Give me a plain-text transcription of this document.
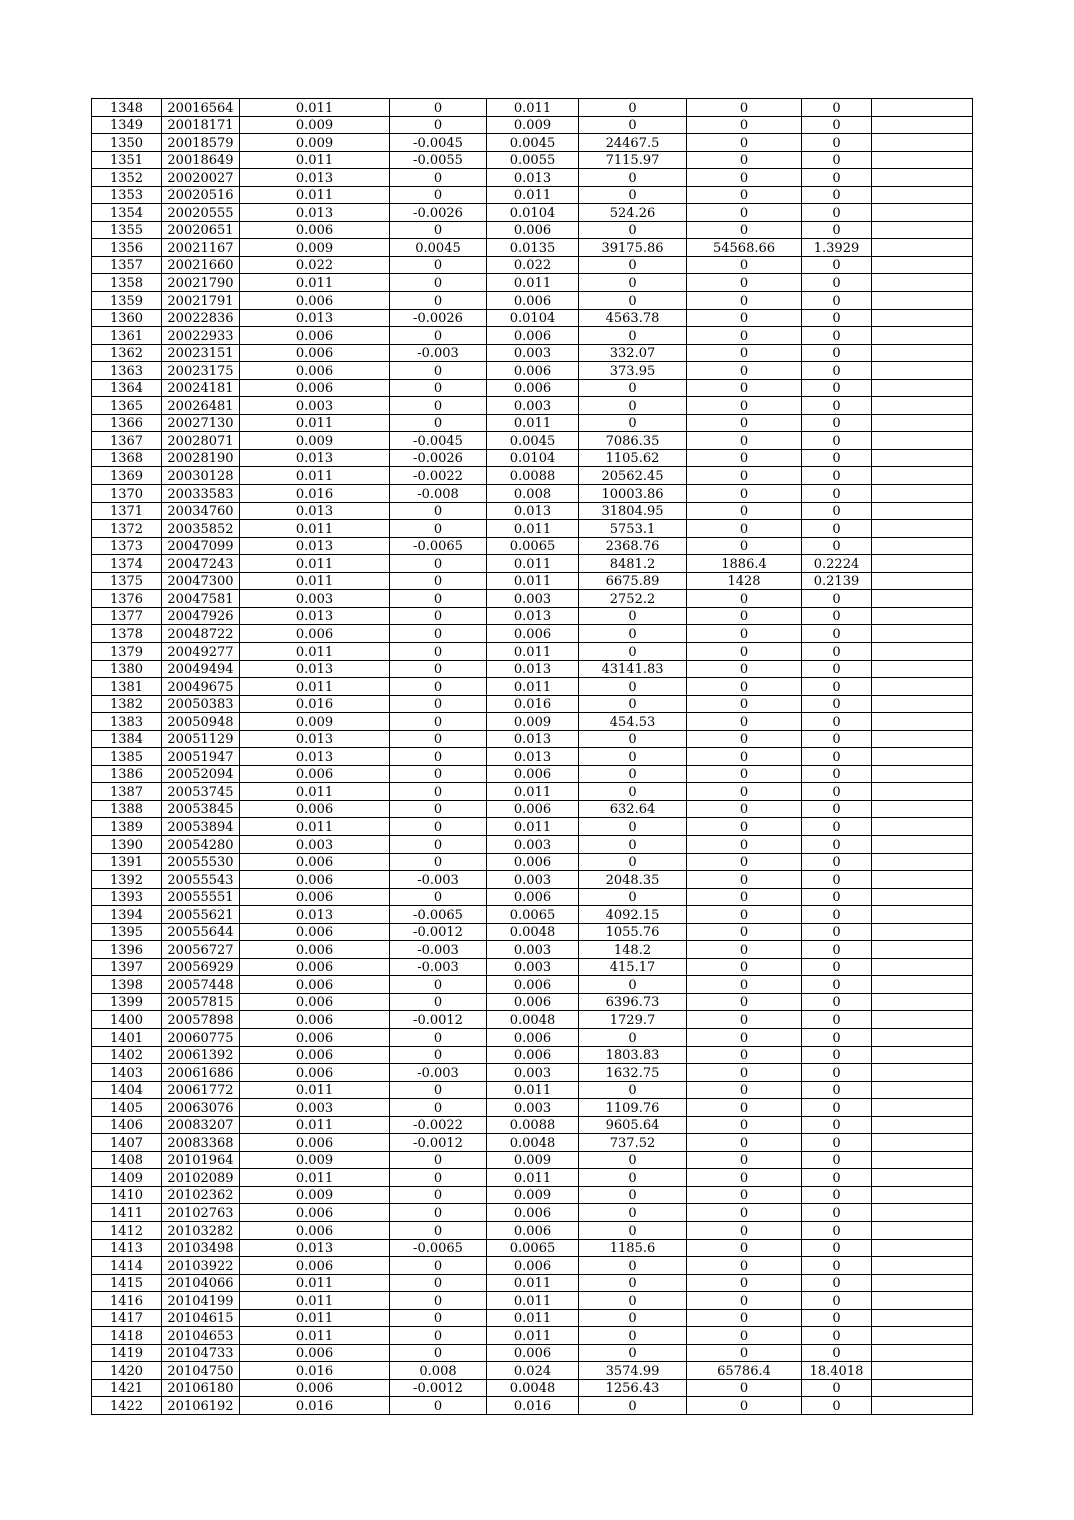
1348	20016564	0.011	0	0.011	0	0	0	
1349	20018171	0.009	0	0.009	0	0	0	
1350	20018579	0.009	-0.0045	0.0045	24467.5	0	0	
1351	20018649	0.011	-0.0055	0.0055	7115.97	0	0	
1352	20020027	0.013	0	0.013	0	0	0	
1353	20020516	0.011	0	0.011	0	0	0	
1354	20020555	0.013	-0.0026	0.0104	524.26	0	0	
1355	20020651	0.006	0	0.006	0	0	0	
1356	20021167	0.009	0.0045	0.0135	39175.86	54568.66	1.3929	
1357	20021660	0.022	0	0.022	0	0	0	
1358	20021790	0.011	0	0.011	0	0	0	
1359	20021791	0.006	0	0.006	0	0	0	
1360	20022836	0.013	-0.0026	0.0104	4563.78	0	0	
1361	20022933	0.006	0	0.006	0	0	0	
1362	20023151	0.006	-0.003	0.003	332.07	0	0	
1363	20023175	0.006	0	0.006	373.95	0	0	
1364	20024181	0.006	0	0.006	0	0	0	
1365	20026481	0.003	0	0.003	0	0	0	
1366	20027130	0.011	0	0.011	0	0	0	
1367	20028071	0.009	-0.0045	0.0045	7086.35	0	0	
1368	20028190	0.013	-0.0026	0.0104	1105.62	0	0	
1369	20030128	0.011	-0.0022	0.0088	20562.45	0	0	
1370	20033583	0.016	-0.008	0.008	10003.86	0	0	
1371	20034760	0.013	0	0.013	31804.95	0	0	
1372	20035852	0.011	0	0.011	5753.1	0	0	
1373	20047099	0.013	-0.0065	0.0065	2368.76	0	0	
1374	20047243	0.011	0	0.011	8481.2	1886.4	0.2224	
1375	20047300	0.011	0	0.011	6675.89	1428	0.2139	
1376	20047581	0.003	0	0.003	2752.2	0	0	
1377	20047926	0.013	0	0.013	0	0	0	
1378	20048722	0.006	0	0.006	0	0	0	
1379	20049277	0.011	0	0.011	0	0	0	
1380	20049494	0.013	0	0.013	43141.83	0	0	
1381	20049675	0.011	0	0.011	0	0	0	
1382	20050383	0.016	0	0.016	0	0	0	
1383	20050948	0.009	0	0.009	454.53	0	0	
1384	20051129	0.013	0	0.013	0	0	0	
1385	20051947	0.013	0	0.013	0	0	0	
1386	20052094	0.006	0	0.006	0	0	0	
1387	20053745	0.011	0	0.011	0	0	0	
1388	20053845	0.006	0	0.006	632.64	0	0	
1389	20053894	0.011	0	0.011	0	0	0	
1390	20054280	0.003	0	0.003	0	0	0	
1391	20055530	0.006	0	0.006	0	0	0	
1392	20055543	0.006	-0.003	0.003	2048.35	0	0	
1393	20055551	0.006	0	0.006	0	0	0	
1394	20055621	0.013	-0.0065	0.0065	4092.15	0	0	
1395	20055644	0.006	-0.0012	0.0048	1055.76	0	0	
1396	20056727	0.006	-0.003	0.003	148.2	0	0	
1397	20056929	0.006	-0.003	0.003	415.17	0	0	
1398	20057448	0.006	0	0.006	0	0	0	
1399	20057815	0.006	0	0.006	6396.73	0	0	
1400	20057898	0.006	-0.0012	0.0048	1729.7	0	0	
1401	20060775	0.006	0	0.006	0	0	0	
1402	20061392	0.006	0	0.006	1803.83	0	0	
1403	20061686	0.006	-0.003	0.003	1632.75	0	0	
1404	20061772	0.011	0	0.011	0	0	0	
1405	20063076	0.003	0	0.003	1109.76	0	0	
1406	20083207	0.011	-0.0022	0.0088	9605.64	0	0	
1407	20083368	0.006	-0.0012	0.0048	737.52	0	0	
1408	20101964	0.009	0	0.009	0	0	0	
1409	20102089	0.011	0	0.011	0	0	0	
1410	20102362	0.009	0	0.009	0	0	0	
1411	20102763	0.006	0	0.006	0	0	0	
1412	20103282	0.006	0	0.006	0	0	0	
1413	20103498	0.013	-0.0065	0.0065	1185.6	0	0	
1414	20103922	0.006	0	0.006	0	0	0	
1415	20104066	0.011	0	0.011	0	0	0	
1416	20104199	0.011	0	0.011	0	0	0	
1417	20104615	0.011	0	0.011	0	0	0	
1418	20104653	0.011	0	0.011	0	0	0	
1419	20104733	0.006	0	0.006	0	0	0	
1420	20104750	0.016	0.008	0.024	3574.99	65786.4	18.4018	
1421	20106180	0.006	-0.0012	0.0048	1256.43	0	0	
1422	20106192	0.016	0	0.016	0	0	0	
